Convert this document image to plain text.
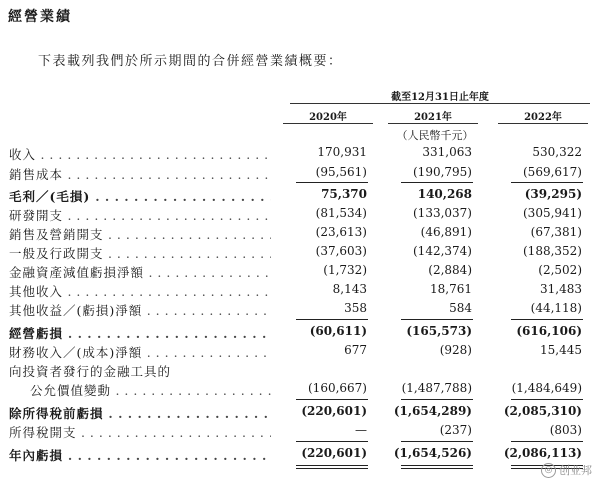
經營業績
下表載列我們於所示期間的合併經營業績概要：
截至12月31日止年度
2020年	2021年	2022年
（人民幣千元）
收入 . . .	170,931	331,063	530,322
銷售成本 . . .	(95,561)	(190,795)	(569,617)
毛利／(毛損) . . .	75,370	140,268	(39,295)
研發開支 . . .	(81,534)	(133,037)	(305,941)
銷售及營銷開支 . . .	(23,613)	(46,891)	(67,381)
一般及行政開支 . . .	(37,603)	(142,374)	(188,352)
金融資產減值虧損淨額 . . .	(1,732)	(2,884)	(2,502)
其他收入 . . .	8,143	18,761	31,483
其他收益／(虧損)淨額 . . .	358	584	(44,118)
經營虧損 . . .	(60,611)	(165,573)	(616,106)
財務收入／(成本)淨額 . . .	677	(928)	15,445
向投資者發行的金融工具的
公允價值變動 . . .	(160,667)	(1,487,788)	(1,484,649)
除所得稅前虧損 . . .	(220,601)	(1,654,289)	(2,085,310)
所得稅開支 . . .	—	(237)	(803)
年內虧損 . . .	(220,601)	(1,654,526)	(2,086,113)
◎ 创业邦
